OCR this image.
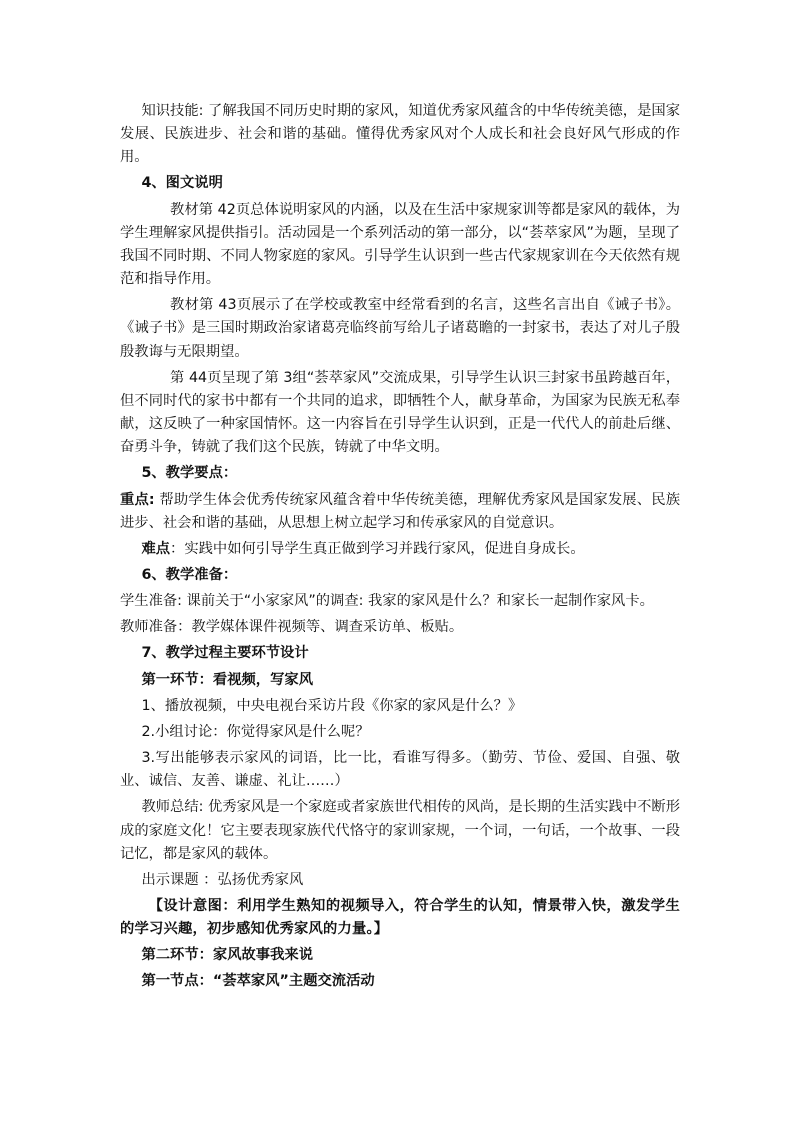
知识技能: 了解我国不同历史时期的家风，知道优秀家风蕴含的中华传统美德，是国家发展、民族进步、社会和谐的基础。懂得优秀家风对个人成长和社会良好风气形成的作用。

4、图文说明

教材第 42页总体说明家风的内涵，以及在生活中家规家训等都是家风的载体，为学生理解家风提供指引。活动园是一个系列活动的第一部分，以“荟萃家风”为题，呈现了我国不同时期、不同人物家庭的家风。引导学生认识到一些古代家规家训在今天依然有规范和指导作用。

教材第 43页展示了在学校或教室中经常看到的名言，这些名言出自《诫子书》。《诫子书》是三国时期政治家诸葛亮临终前写给儿子诸葛瞻的一封家书，表达了对儿子殷殷教诲与无限期望。

第 44页呈现了第 3组“荟萃家风”交流成果，引导学生认识三封家书虽跨越百年，但不同时代的家书中都有一个共同的追求，即牺牲个人，献身革命，为国家为民族无私奉献，这反映了一种家国情怀。这一内容旨在引导学生认识到，正是一代代人的前赴后继、奋勇斗争，铸就了我们这个民族，铸就了中华文明。

5、教学要点：

重点: 帮助学生体会优秀传统家风蕴含着中华传统美德，理解优秀家风是国家发展、民族进步、社会和谐的基础，从思想上树立起学习和传承家风的自觉意识。

难点：实践中如何引导学生真正做到学习并践行家风，促进自身成长。

6、教学准备：

学生准备: 课前关于“小家家风”的调查: 我家的家风是什么？和家长一起制作家风卡。

教师准备：教学媒体课件视频等、调查采访单、板贴。

7、教学过程主要环节设计

第一环节：看视频，写家风

1、播放视频，中央电视台采访片段《你家的家风是什么？》

2.小组讨论：你觉得家风是什么呢？

3.写出能够表示家风的词语，比一比，看谁写得多。（勤劳、节俭、爱国、自强、敬业、诚信、友善、谦虚、礼让……）

教师总结: 优秀家风是一个家庭或者家族世代相传的风尚，是长期的生活实践中不断形成的家庭文化！它主要表现家族代代恪守的家训家规，一个词，一句话，一个故事、一段记忆，都是家风的载体。

出示课题 ：弘扬优秀家风

【设计意图：利用学生熟知的视频导入，符合学生的认知，情景带入快，激发学生的学习兴趣，初步感知优秀家风的力量。】

第二环节：家风故事我来说

第一节点：“荟萃家风”主题交流活动
